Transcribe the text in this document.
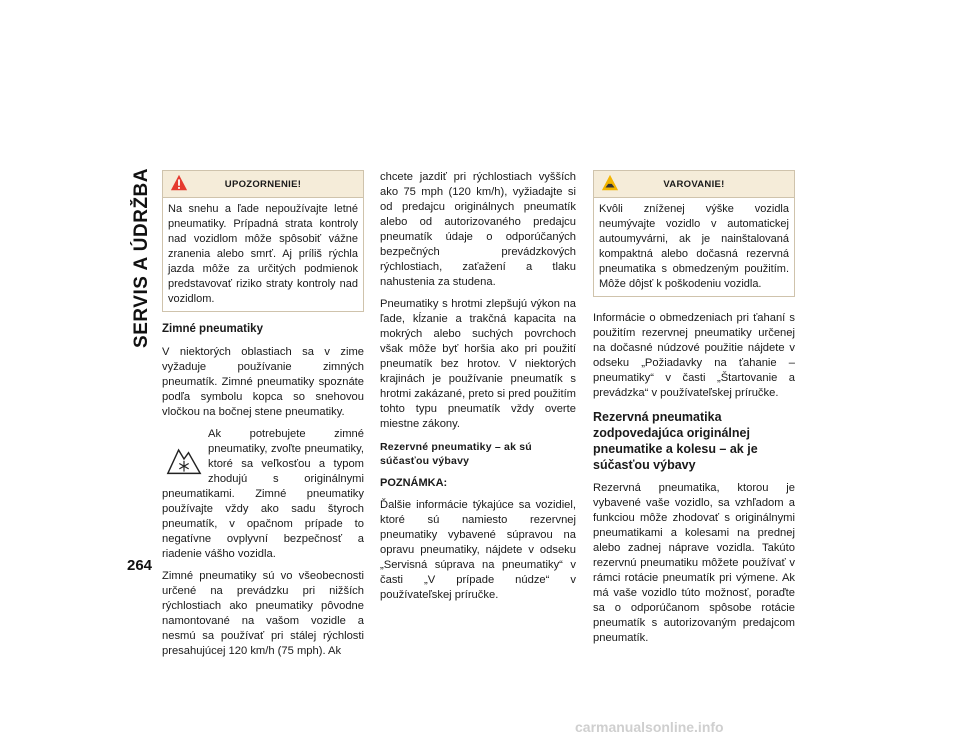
SERVIS A ÚDRŽBA
264
UPOZORNENIE!

Na snehu a ľade nepoužívajte letné pneumatiky. Prípadná strata kontroly nad vozidlom môže spôsobiť vážne zranenia alebo smrť. Aj príliš rýchla jazda môže za určitých podmienok predstavovať riziko straty kontroly nad vozidlom.

Zimné pneumatiky

V niektorých oblastiach sa v zime vyžaduje používanie zimných pneumatík. Zimné pneumatiky spoznáte podľa symbolu kopca so snehovou vločkou na bočnej stene pneumatiky.

Ak potrebujete zimné pneumatiky, zvoľte pneumatiky, ktoré sa veľkosťou a typom zhodujú s originálnymi pneumatikami. Zimné pneumatiky používajte vždy ako sadu štyroch pneumatík, v opačnom prípade to negatívne ovplyvní bezpečnosť a riadenie vášho vozidla.

Zimné pneumatiky sú vo všeobecnosti určené na prevádzku pri nižších rýchlostiach ako pneumatiky pôvodne namontované na vašom vozidle a nesmú sa používať pri stálej rýchlosti presahujúcej 120 km/h (75 mph). Ak

chcete jazdiť pri rýchlostiach vyšších ako 75 mph (120 km/h), vyžiadajte si od predajcu originálnych pneumatík alebo od autorizovaného predajcu pneumatík údaje o odporúčaných bezpečných prevádzkových rýchlostiach, zaťažení a tlaku nahustenia za studena.

Pneumatiky s hrotmi zlepšujú výkon na ľade, kĺzanie a trakčná kapacita na mokrých alebo suchých povrchoch však môže byť horšia ako pri použití pneumatík bez hrotov. V niektorých krajinách je používanie pneumatík s hrotmi zakázané, preto si pred použitím tohto typu pneumatík vždy overte miestne zákony.

Rezervné pneumatiky – ak sú súčasťou výbavy

POZNÁMKA:

Ďalšie informácie týkajúce sa vozidiel, ktoré sú namiesto rezervnej pneumatiky vybavené súpravou na opravu pneumatiky, nájdete v odseku „Servisná súprava na pneumatiky“ v časti „V prípade núdze“ v používateľskej príručke.

VAROVANIE!

Kvôli zníženej výške vozidla neumývajte vozidlo v automatickej autoumyvárni, ak je nainštalovaná kompaktná alebo dočasná rezervná pneumatika s obmedzeným použitím. Môže dôjsť k poškodeniu vozidla.

Informácie o obmedzeniach pri ťahaní s použitím rezervnej pneumatiky určenej na dočasné núdzové použitie nájdete v odseku „Požiadavky na ťahanie – pneumatiky“ v časti „Štartovanie a prevádzka“ v používateľskej príručke.

Rezervná pneumatika zodpovedajúca originálnej pneumatike a kolesu – ak je súčasťou výbavy

Rezervná pneumatika, ktorou je vybavené vaše vozidlo, sa vzhľadom a funkciou môže zhodovať s originálnymi pneumatikami a kolesami na prednej alebo zadnej náprave vozidla. Takúto rezervnú pneumatiku môžete používať v rámci rotácie pneumatík pri výmene. Ak má vaše vozidlo túto možnosť, poraďte sa o odporúčanom spôsobe rotácie pneumatík s autorizovaným predajcom pneumatík.

carmanualsonline.info
